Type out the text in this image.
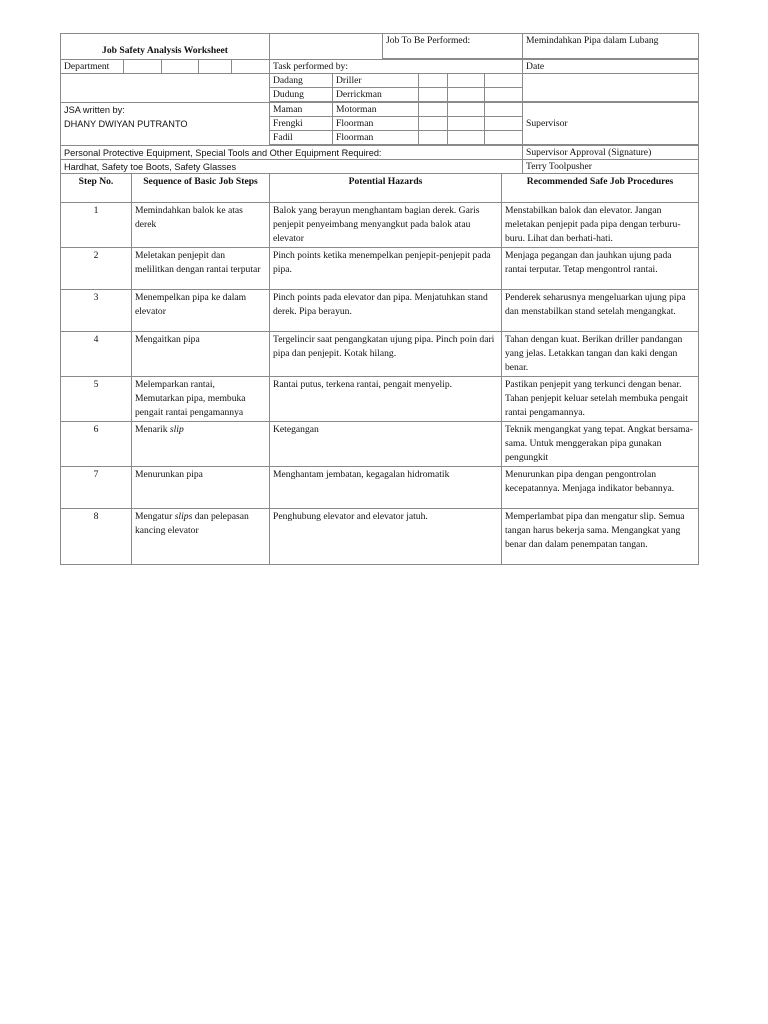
Job Safety Analysis Worksheet							Job To Be Performed:				Memindahkan Pipa dalam Lubang

Department					Task performed by:						Date
					Dadang	Driller					
					Dudung	Derrickman					

JSA written by:					Maman	Motorman					Supervisor
DHANY DWIYAN PUTRANTO					Frengki	Floorman					
					Fadil	Floorman					

Personal Protective Equipment, Special Tools and Other Equipment Required:											Supervisor Approval (Signature)
Hardhat, Safety toe Boots, Safety Glasses											Terry Toolpusher
Step No.	Sequence of Basic Job Steps	Potential Hazards	Recommended Safe Job Procedures
1	Memindahkan balok ke atas derek	Balok yang berayun menghantam bagian derek. Garis penjepit penyeimbang menyangkut pada balok atau elevator	Menstabilkan balok dan elevator. Jangan meletakan penjepit pada pipa dengan terburu-buru. Lihat dan berhati-hati.
2	Meletakan penjepit dan melilitkan dengan rantai terputar	Pinch points ketika menempelkan penjepit-penjepit pada pipa.	Menjaga pegangan dan jauhkan ujung pada rantai terputar. Tetap mengontrol rantai.
3	Menempelkan pipa ke dalam elevator	Pinch points pada elevator dan pipa. Menjatuhkan stand derek. Pipa berayun.	Penderek seharusnya mengeluarkan ujung pipa dan menstabilkan stand setelah mengangkat.
4	Mengaitkan pipa	Tergelincir saat pengangkatan ujung pipa. Pinch poin dari pipa dan penjepit. Kotak hilang.	Tahan dengan kuat. Berikan driller pandangan yang jelas. Letakkan tangan dan kaki dengan benar.
5	Melemparkan rantai, Memutarkan pipa, membuka pengait rantai pengamannya	Rantai putus, terkena rantai, pengait menyelip.	Pastikan penjepit yang terkunci dengan benar. Tahan penjepit keluar setelah membuka pengait rantai pengamannya.
6	Menarik slip	Ketegangan	Teknik mengangkat yang tepat. Angkat bersama-sama. Untuk menggerakan pipa gunakan pengungkit
7	Menurunkan pipa	Menghantam jembatan, kegagalan hidromatik	Menurunkan pipa dengan pengontrolan kecepatannya. Menjaga indikator bebannya.
8	Mengatur slips dan pelepasan kancing elevator	Penghubung elevator and elevator jatuh.	Memperlambat pipa dan mengatur slip. Semua tangan harus bekerja sama. Mengangkat yang benar dan dalam penempatan tangan.
